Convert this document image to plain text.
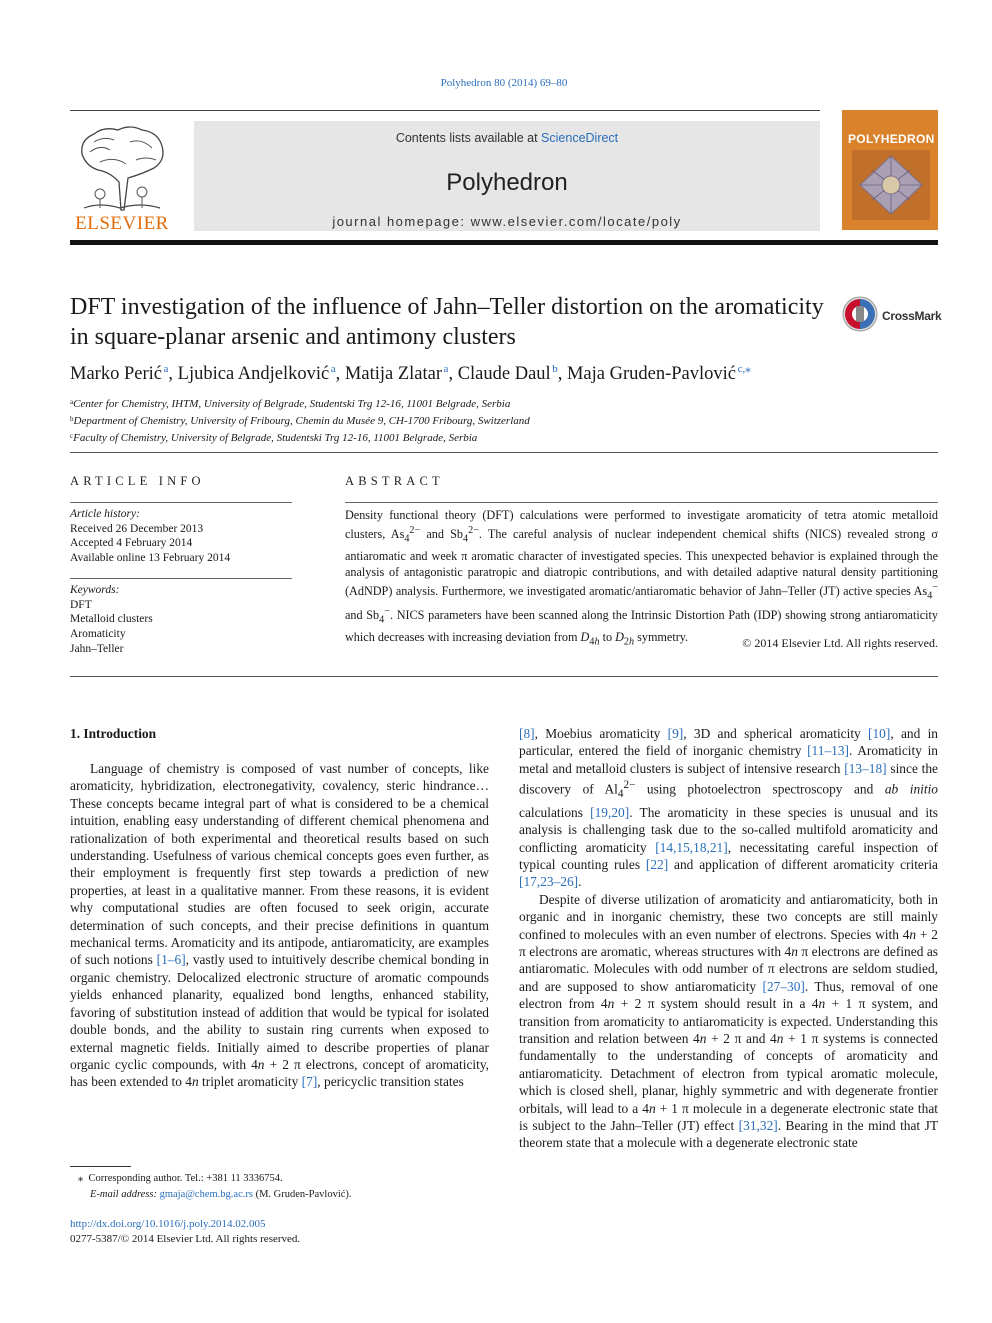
Polyhedron 80 (2014) 69–80
ELSEVIER
Contents lists available at ScienceDirect
Polyhedron
journal homepage: www.elsevier.com/locate/poly
POLYHEDRON
DFT investigation of the influence of Jahn–Teller distortion on the aromaticity in square-planar arsenic and antimony clusters
CrossMark
Marko Perić  $^a$, Ljubica Andjelković  $^a$, Matija Zlatar  $^a$, Claude Daul  $^b$, Maja Gruden-Pavlović  $^{c,⁎}$
$^a$Center for Chemistry, IHTM, University of Belgrade, Studentski Trg 12-16, 11001 Belgrade, Serbia
$^b$Department of Chemistry, University of Fribourg, Chemin du Musée 9, CH-1700 Fribourg, Switzerland
$^c$Faculty of Chemistry, University of Belgrade, Studentski Trg 12-16, 11001 Belgrade, Serbia
ARTICLE INFO
Article history:
Received 26 December 2013
Accepted 4 February 2014
Available online 13 February 2014
Keywords:
DFT
Metalloid clusters
Aromaticity
Jahn–Teller
ABSTRACT
Density functional theory (DFT) calculations were performed to investigate aromaticity of tetra atomic metalloid clusters, $As_4^{2-}$ and $Sb_4^{2-}$. The careful analysis of nuclear independent chemical shifts (NICS) revealed strong σ antiaromatic and week π aromatic character of investigated species. This unexpected behavior is explained through the analysis of antagonistic paratropic and diatropic contributions, and with detailed adaptive natural density partitioning (AdNDP) analysis. Furthermore, we investigated aromatic/antiaromatic behavior of Jahn–Teller (JT) active species $As_4^-$ and $Sb_4^-$. NICS parameters have been scanned along the Intrinsic Distortion Path (IDP) showing strong antiaromaticity which decreases with increasing deviation from $D_{4h}$ to $D_{2h}$ symmetry.	© 2014 Elsevier Ltd. All rights reserved.
1. Introduction

Language of chemistry is composed of vast number of concepts, like aromaticity, hybridization, electronegativity, covalency, steric hindrance… These concepts became integral part of what is considered to be a chemical intuition, enabling easy understanding of different chemical phenomena and rationalization of both experimental and theoretical results based on such understanding. Usefulness of various chemical concepts goes even further, as their employment is frequently first step towards a prediction of new properties, at least in a qualitative manner. From these reasons, it is evident why computational studies are often focused to seek origin, accurate determination of such concepts, and their precise definitions in quantum mechanical terms. Aromaticity and its antipode, antiaromaticity, are examples of such notions [1–6], vastly used to intuitively describe chemical bonding in organic chemistry. Delocalized electronic structure of aromatic compounds yields enhanced planarity, equalized bond lengths, enhanced stability, favoring of substitution instead of addition that would be typical for isolated double bonds, and the ability to sustain ring currents when exposed to external magnetic fields. Initially aimed to describe properties of planar organic cyclic compounds, with 4n + 2 π electrons, concept of aromaticity, has been extended to 4n triplet aromaticity [7], pericyclic transition states

[8], Moebius aromaticity [9], 3D and spherical aromaticity [10], and in particular, entered the field of inorganic chemistry [11–13]. Aromaticity in metal and metalloid clusters is subject of intensive research [13–18] since the discovery of $Al_4^{2-}$ using photoelectron spectroscopy and ab initio calculations [19,20]. The aromaticity in these species is unusual and its analysis is challenging task due to the so-called multifold aromaticity and conflicting aromaticity [14,15,18,21], necessitating careful inspection of typical counting rules [22] and application of different aromaticity criteria [17,23–26].

Despite of diverse utilization of aromaticity and antiaromaticity, both in organic and in inorganic chemistry, these two concepts are still mainly confined to molecules with an even number of electrons. Species with 4n + 2 π electrons are aromatic, whereas structures with 4n π electrons are defined as antiaromatic. Molecules with odd number of π electrons are seldom studied, and are supposed to show antiaromaticity [27–30]. Thus, removal of one electron from 4n + 2 π system should result in a 4n + 1 π system, and transition from aromaticity to antiaromaticity is expected. Understanding this transition and relation between 4n + 2 π and 4n + 1 π systems is connected fundamentally to the understanding of concepts of aromaticity and antiaromaticity. Detachment of electron from typical aromatic molecule, which is closed shell, planar, highly symmetric and with degenerate frontier orbitals, will lead to a 4n + 1 π molecule in a degenerate electronic state that is subject to the Jahn–Teller (JT) effect [31,32]. Bearing in the mind that JT theorem state that a molecule with a degenerate electronic state

⁎  Corresponding author. Tel.: +381 11 3336754.
E-mail address: gmaja@chem.bg.ac.rs (M. Gruden-Pavlović).
http://dx.doi.org/10.1016/j.poly.2014.02.005
0277-5387/© 2014 Elsevier Ltd. All rights reserved.
